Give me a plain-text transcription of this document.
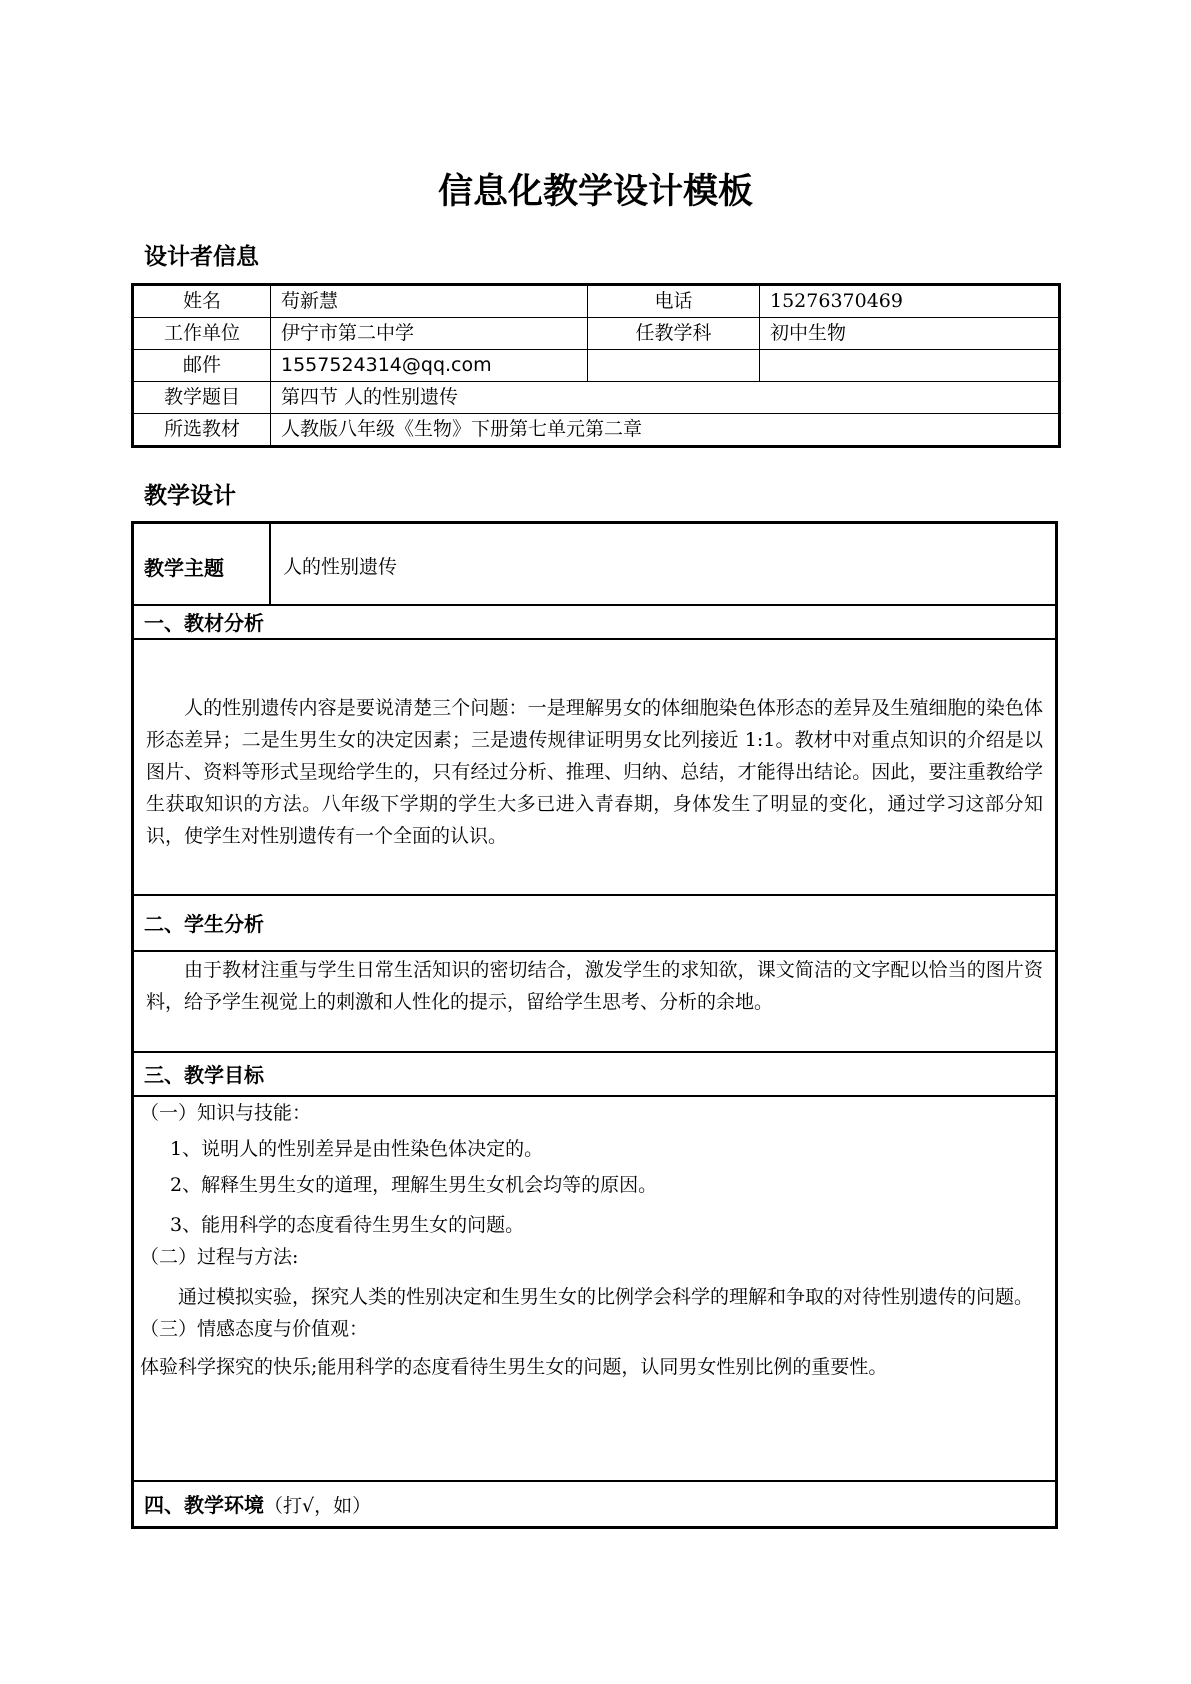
信息化教学设计模板
设计者信息
姓名	苟新慧	电话	15276370469
工作单位	伊宁市第二中学	任教学科	初中生物
邮件	1557524314@qq.com		
教学题目	第四节 人的性别遗传		
所选教材	人教版八年级《生物》下册第七单元第二章		
教学设计
教学主题	人的性别遗传
一、教材分析

人的性别遗传内容是要说清楚三个问题：一是理解男女的体细胞染色体形态的差异及生殖细胞的染色体形态差异；二是生男生女的决定因素；三是遗传规律证明男女比列接近 1:1。教材中对重点知识的介绍是以图片、资料等形式呈现给学生的，只有经过分析、推理、归纳、总结，才能得出结论。因此，要注重教给学生获取知识的方法。八年级下学期的学生大多已进入青春期，身体发生了明显的变化，通过学习这部分知识，使学生对性别遗传有一个全面的认识。

二、学生分析

由于教材注重与学生日常生活知识的密切结合，激发学生的求知欲，课文简洁的文字配以恰当的图片资料，给予学生视觉上的刺激和人性化的提示，留给学生思考、分析的余地。

三、教学目标

（一）知识与技能：

1、说明人的性别差异是由性染色体决定的。

2、解释生男生女的道理，理解生男生女机会均等的原因。

3、能用科学的态度看待生男生女的问题。

（二）过程与方法:

通过模拟实验，探究人类的性别决定和生男生女的比例学会科学的理解和争取的对待性别遗传的问题。

（三）情感态度与价值观：

体验科学探究的快乐;能用科学的态度看待生男生女的问题，认同男女性别比例的重要性。

四、教学环境（打√，如）
